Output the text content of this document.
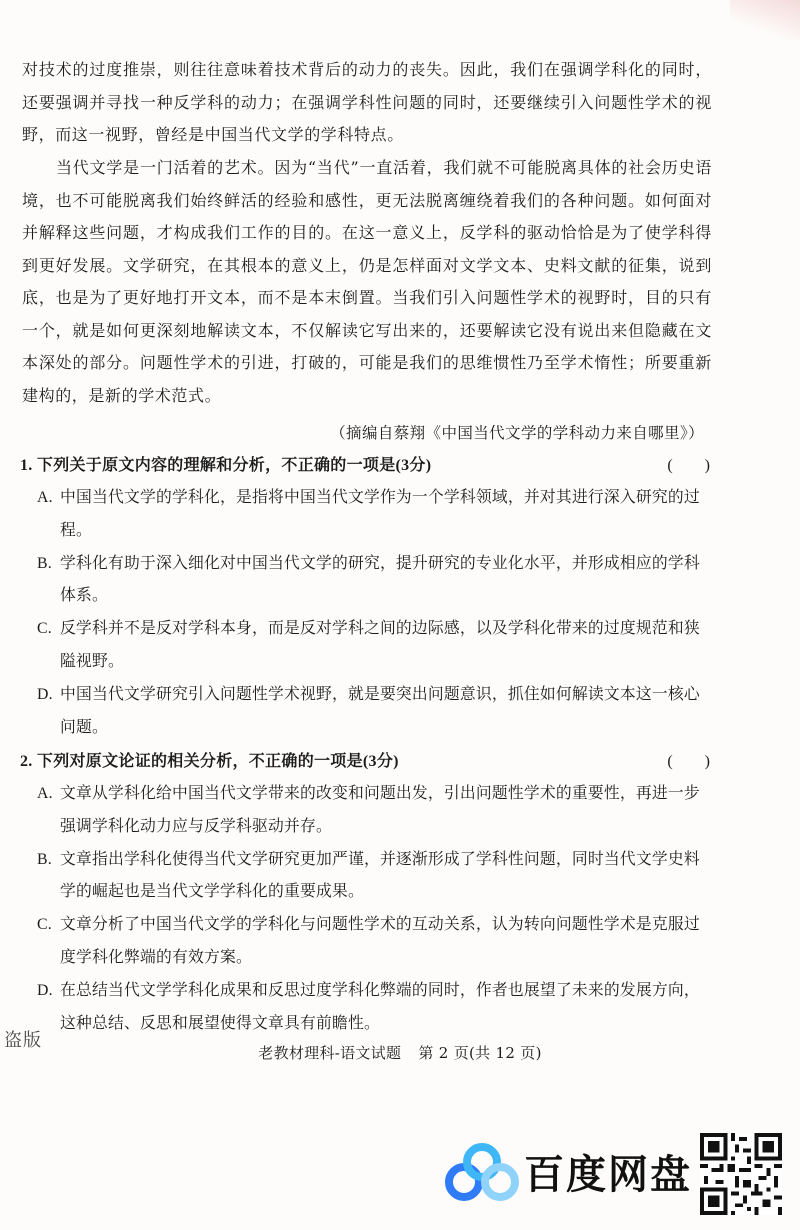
对技术的过度推崇，则往往意味着技术背后的动力的丧失。因此，我们在强调学科化的同时，还要强调并寻找一种反学科的动力；在强调学科性问题的同时，还要继续引入问题性学术的视野，而这一视野，曾经是中国当代文学的学科特点。

当代文学是一门活着的艺术。因为“当代”一直活着，我们就不可能脱离具体的社会历史语境，也不可能脱离我们始终鲜活的经验和感性，更无法脱离缠绕着我们的各种问题。如何面对并解释这些问题，才构成我们工作的目的。在这一意义上，反学科的驱动恰恰是为了使学科得到更好发展。文学研究，在其根本的意义上，仍是怎样面对文学文本、史料文献的征集，说到底，也是为了更好地打开文本，而不是本末倒置。当我们引入问题性学术的视野时，目的只有一个，就是如何更深刻地解读文本，不仅解读它写出来的，还要解读它没有说出来但隐藏在文本深处的部分。问题性学术的引进，打破的，可能是我们的思维惯性乃至学术惰性；所要重新建构的，是新的学术范式。

（摘编自蔡翔《中国当代文学的学科动力来自哪里》）
1. 下列关于原文内容的理解和分析，不正确的一项是(3分)	(　　)
A. 中国当代文学的学科化，是指将中国当代文学作为一个学科领域，并对其进行深入研究的过程。
B. 学科化有助于深入细化对中国当代文学的研究，提升研究的专业化水平，并形成相应的学科体系。
C. 反学科并不是反对学科本身，而是反对学科之间的边际感，以及学科化带来的过度规范和狭隘视野。
D. 中国当代文学研究引入问题性学术视野，就是要突出问题意识，抓住如何解读文本这一核心问题。
2. 下列对原文论证的相关分析，不正确的一项是(3分)	(　　)
A. 文章从学科化给中国当代文学带来的改变和问题出发，引出问题性学术的重要性，再进一步强调学科化动力应与反学科驱动并存。
B. 文章指出学科化使得当代文学研究更加严谨，并逐渐形成了学科性问题，同时当代文学史料学的崛起也是当代文学学科化的重要成果。
C. 文章分析了中国当代文学的学科化与问题性学术的互动关系，认为转向问题性学术是克服过度学科化弊端的有效方案。
D. 在总结当代文学学科化成果和反思过度学科化弊端的同时，作者也展望了未来的发展方向，这种总结、反思和展望使得文章具有前瞻性。
盗版
老教材理科-语文试题 第 2 页(共 12 页)
百度网盘
